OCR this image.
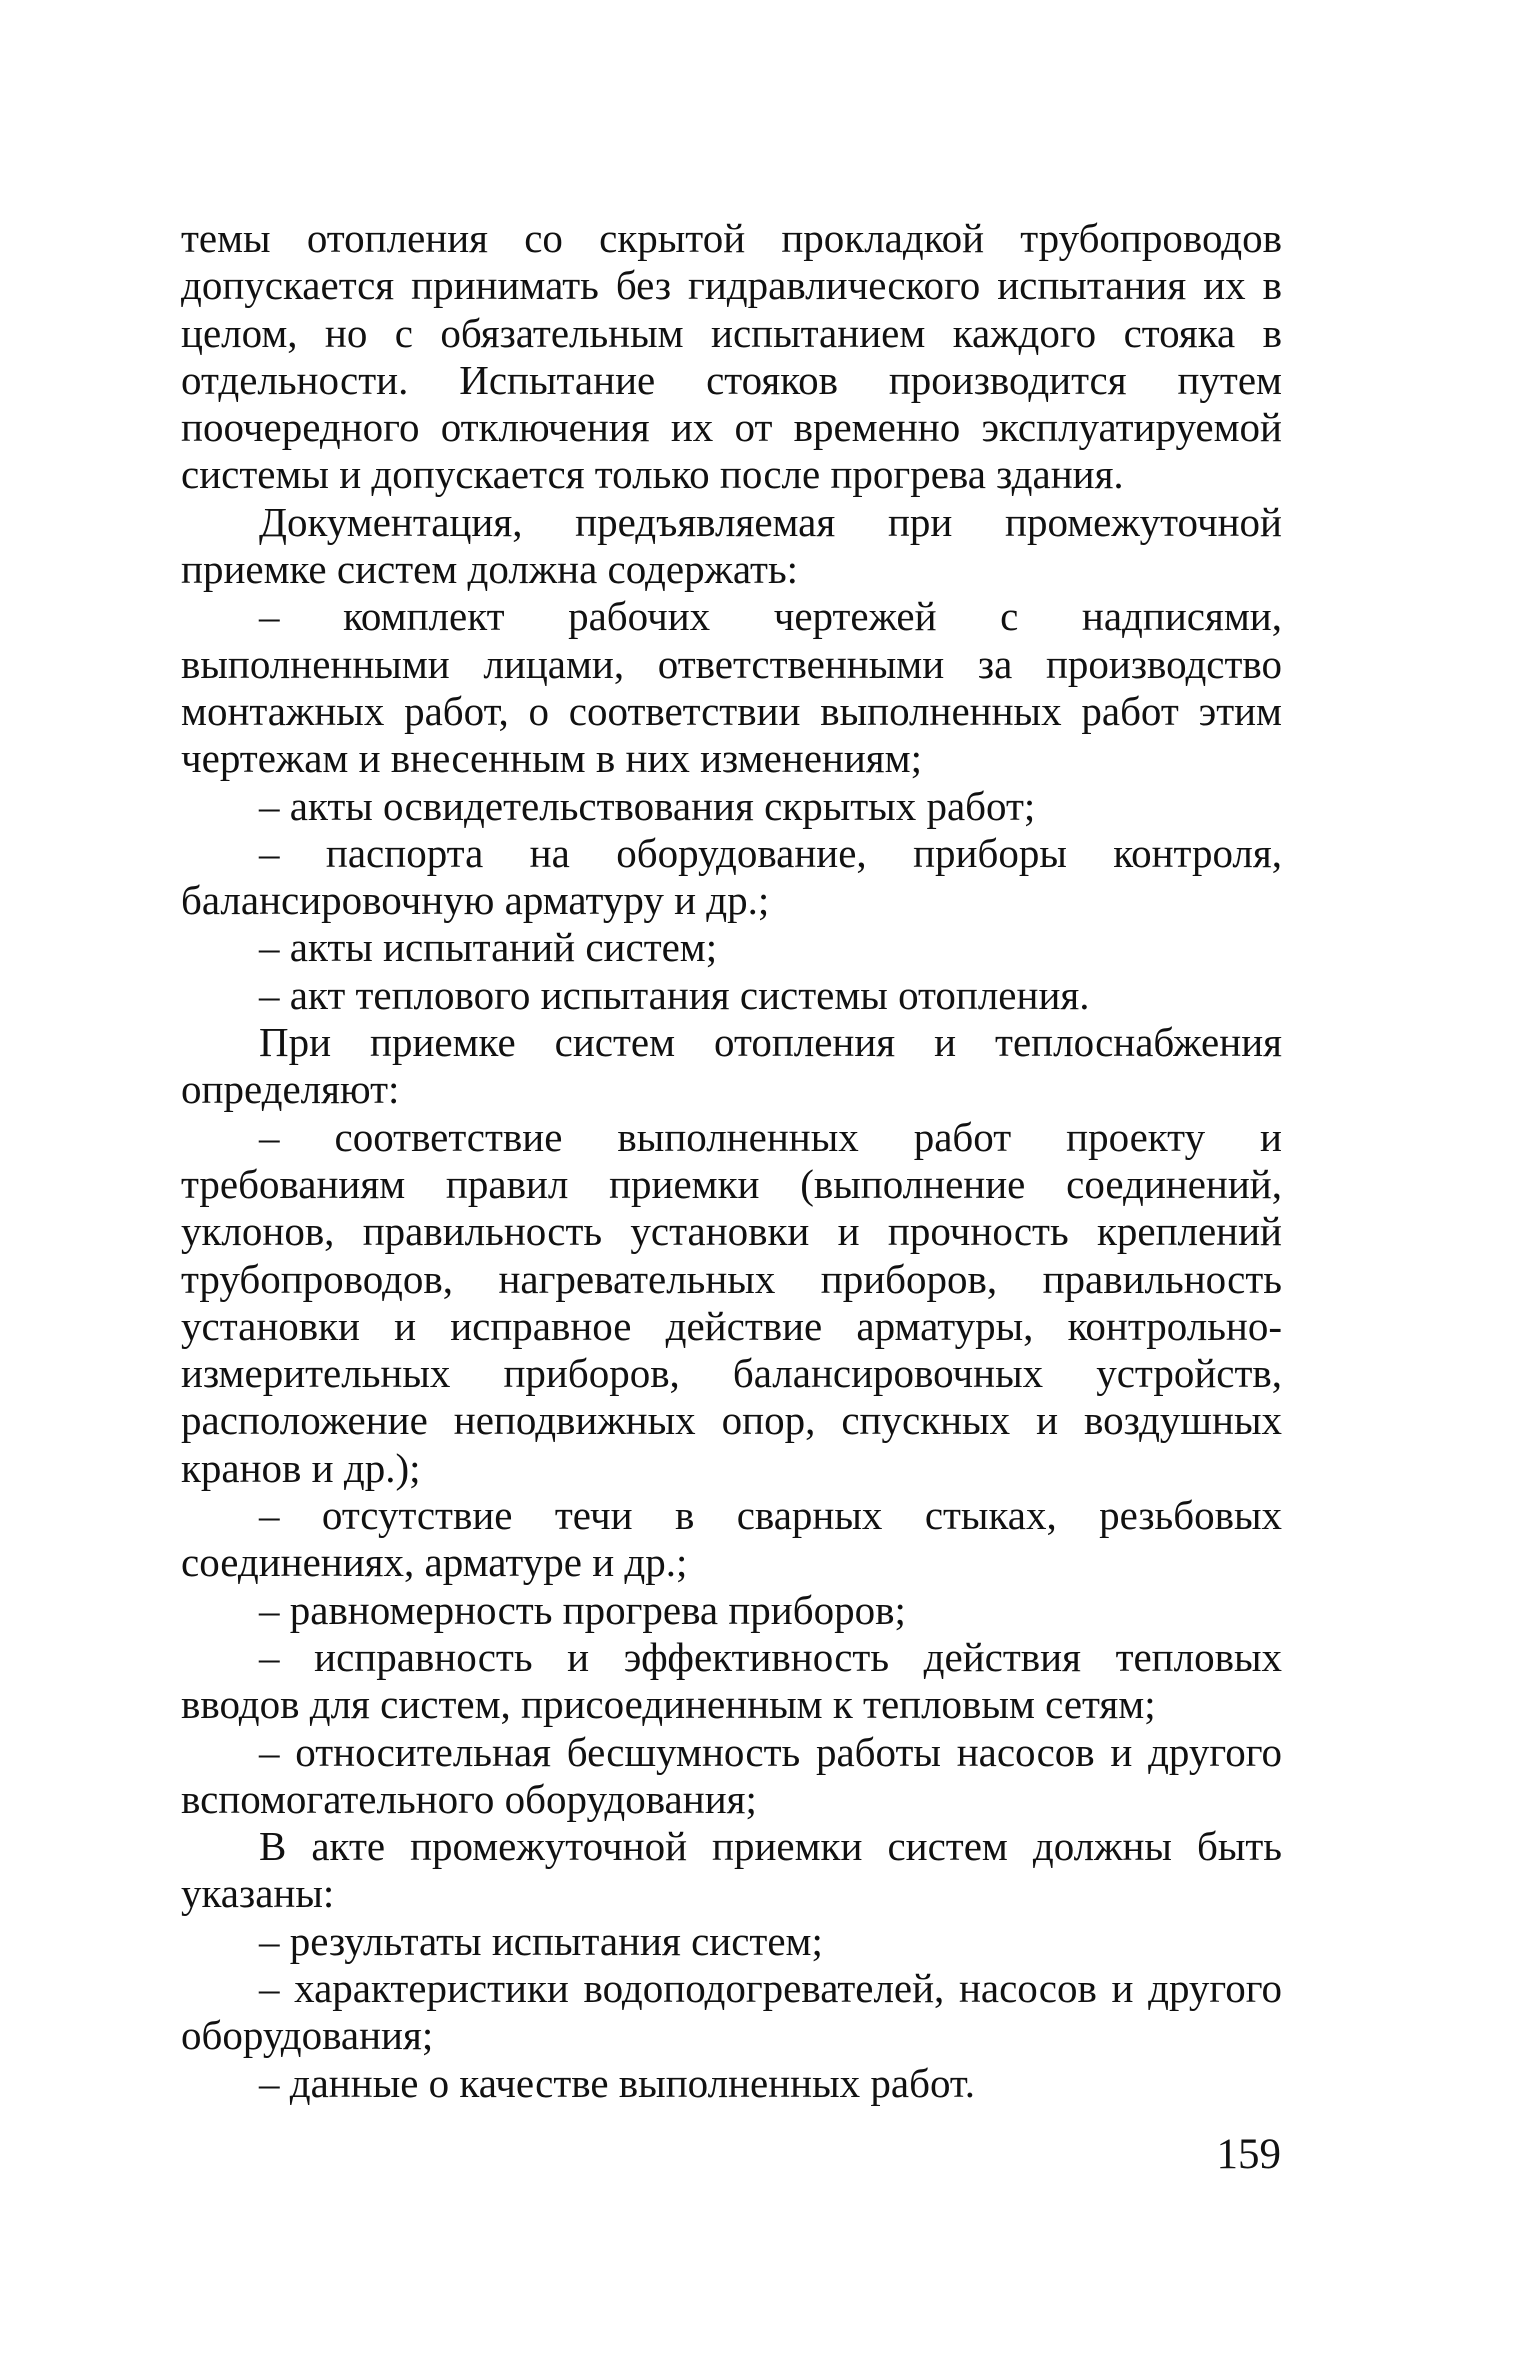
темы отопления со скрытой прокладкой трубопроводов допускается принимать без гидравлического испытания их в целом, но с обязательным испытанием каждого стояка в отдельности. Испытание стояков производится путем поочередного отключения их от временно эксплуатируемой системы и допускается только после прогрева здания.

Документация, предъявляемая при промежуточной приемке систем должна содержать:

– комплект рабочих чертежей с надписями, выполненными лицами, ответственными за производство монтажных работ, о соответствии выполненных работ этим чертежам и внесенным в них изменениям;

– акты освидетельствования скрытых работ;

– паспорта на оборудование, приборы контроля, балансировочную арматуру и др.;

– акты испытаний систем;

– акт теплового испытания системы отопления.

При приемке систем отопления и теплоснабжения определяют:

– соответствие выполненных работ проекту и требованиям правил приемки (выполнение соединений, уклонов, правильность установки и прочность креплений трубопроводов, нагревательных приборов, правильность установки и исправное действие арматуры, контрольно-измерительных приборов, балансировочных устройств, расположение неподвижных опор, спускных и воздушных кранов и др.);

– отсутствие течи в сварных стыках, резьбовых соединениях, арматуре и др.;

– равномерность прогрева приборов;

– исправность и эффективность действия тепловых вводов для систем, присоединенным к тепловым сетям;

– относительная бесшумность работы насосов и другого вспомогательного оборудования;

В акте промежуточной приемки систем должны быть указаны:

– результаты испытания систем;

– характеристики водоподогревателей, насосов и другого оборудования;

– данные о качестве выполненных работ.

159
